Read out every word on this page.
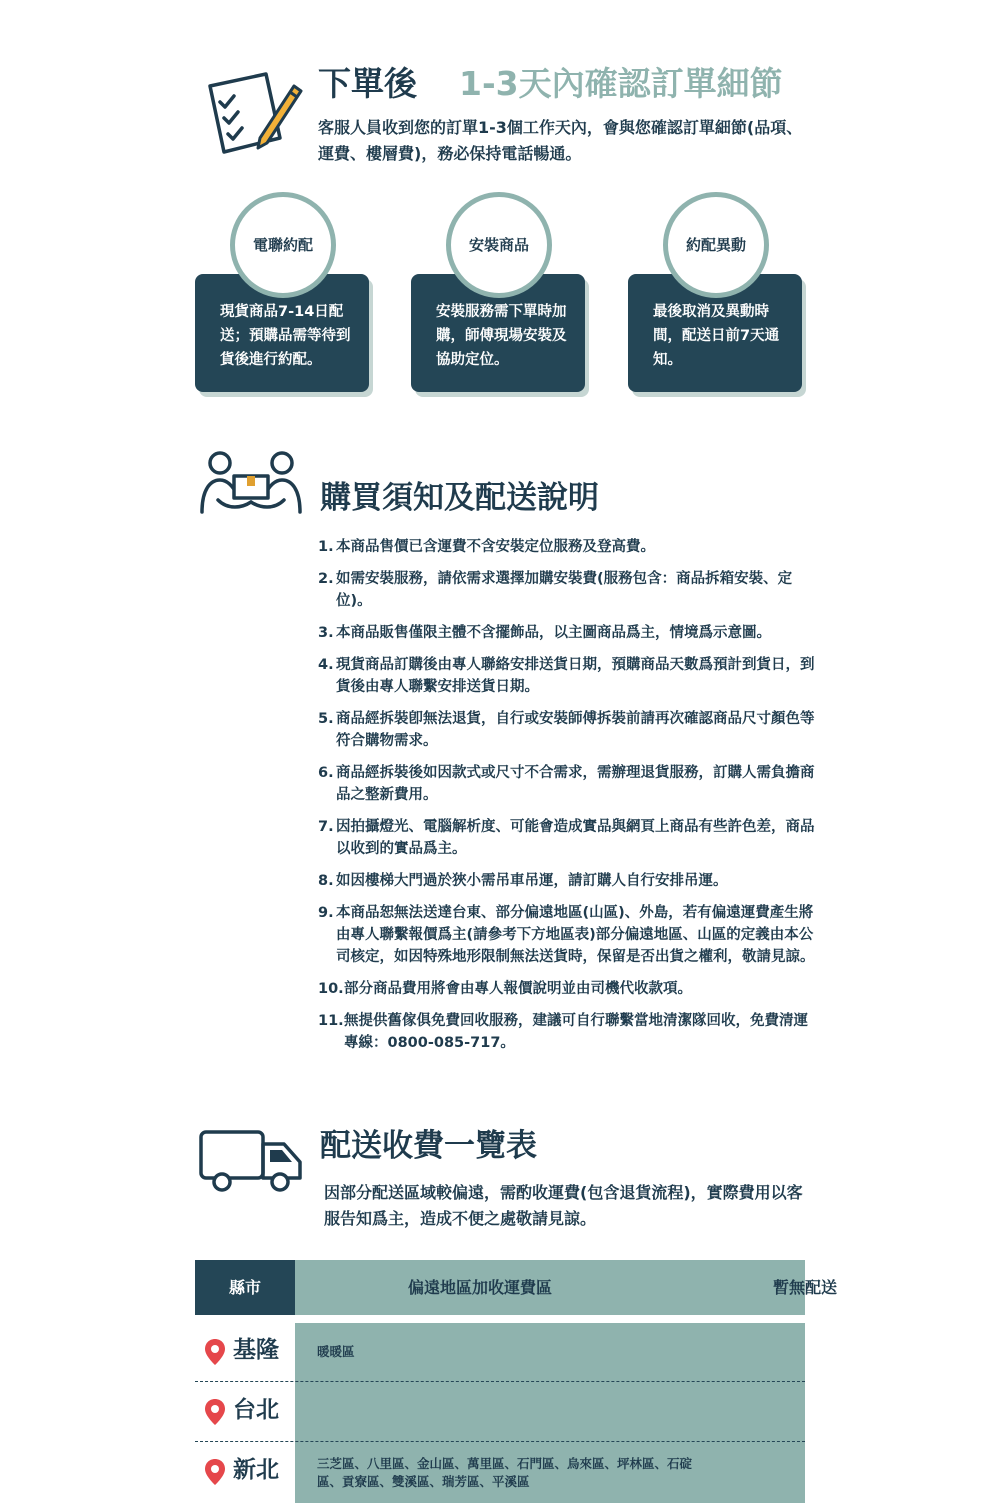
下單後 1-3天內確認訂單細節
客服人員收到您的訂單1-3個工作天內，會與您確認訂單細節(品項、運費、樓層費)，務必保持電話暢通。
現貨商品7-14日配送；預購品需等待到貨後進行約配。
電聯約配
安裝服務需下單時加購，師傅現場安裝及協助定位。
安裝商品
最後取消及異動時間，配送日前7天通知。
約配異動
購買須知及配送說明
1. 本商品售價已含運費不含安裝定位服務及登高費。
2. 如需安裝服務，請依需求選擇加購安裝費(服務包含：商品拆箱安裝、定位)。
3. 本商品販售僅限主體不含擺飾品，以主圖商品爲主，情境爲示意圖。
4. 現貨商品訂購後由專人聯絡安排送貨日期，預購商品天數爲預計到貨日，到貨後由專人聯繫安排送貨日期。
5. 商品經拆裝卽無法退貨，自行或安裝師傅拆裝前請再次確認商品尺寸顏色等符合購物需求。
6. 商品經拆裝後如因款式或尺寸不合需求，需辦理退貨服務，訂購人需負擔商品之整新費用。
7. 因拍攝燈光、電腦解析度、可能會造成實品與網頁上商品有些許色差，商品以收到的實品爲主。
8. 如因樓梯大門過於狹小需吊車吊運，請訂購人自行安排吊運。
9. 本商品恕無法送達台東、部分偏遠地區(山區)、外島，若有偏遠運費產生將由專人聯繫報價爲主(請參考下方地區表)部分偏遠地區、山區的定義由本公司核定，如因特殊地形限制無法送貨時，保留是否出貨之權利，敬請見諒。
10. 部分商品費用將會由專人報價說明並由司機代收款項。
11. 無提供舊傢俱免費回收服務，建議可自行聯繫當地清潔隊回收，免費清運專線：0800-085-717。
配送收費一覽表
因部分配送區域較偏遠，需酌收運費(包含退貨流程)，實際費用以客服告知爲主，造成不便之處敬請見諒。
縣市	偏遠地區加收運費區	暫無配送
基隆	暖暖區
台北
新北	三芝區、八里區、金山區、萬里區、石門區、烏來區、坪林區、石碇區、貢寮區、雙溪區、瑞芳區、平溪區
